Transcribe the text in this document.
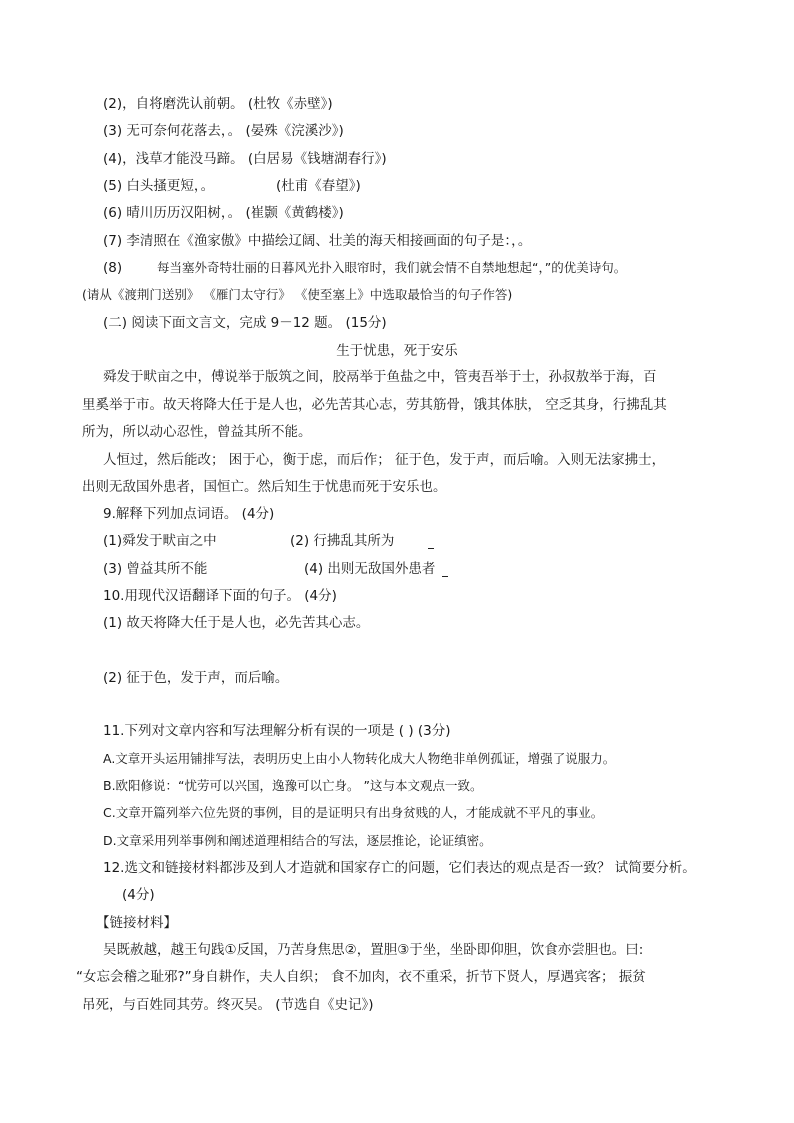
(2)，自将磨洗认前朝。 (杜牧《赤壁》)
(3) 无可奈何花落去，。 (晏殊《浣溪沙》)
(4)，浅草才能没马蹄。 (白居易《钱塘湖春行》)
(5) 白头搔更短，。	(杜甫《春望》)
(6) 晴川历历汉阳树，。 (崔颢《黄鹤楼》)
(7) 李清照在《渔家傲》中描绘辽阔、壮美的海天相接画面的句子是：，。
(8)	每当塞外奇特壮丽的日暮风光扑入眼帘时，我们就会情不自禁地想起“，”的优美诗句。
(请从《渡荆门送别》 《雁门太守行》 《使至塞上》中选取最恰当的句子作答)
(二) 阅读下面文言文，完成 9－12 题。 (15分)
生于忧患，死于安乐
舜发于畎亩之中，傅说举于版筑之间，胶鬲举于鱼盐之中，管夷吾举于士，孙叔敖举于海，百
里奚举于市。故天将降大任于是人也，必先苦其心志，劳其筋骨，饿其体肤， 空乏其身，行拂乱其
所为，所以动心忍性，曾益其所不能。
人恒过，然后能改； 困于心，衡于虑，而后作； 征于色，发于声，而后喻。入则无法家拂士，
出则无敌国外患者，国恒亡。然后知生于忧患而死于安乐也。
9.解释下列加点词语。 (4分)
(1)舜发于畎亩之中	(2) 行拂乱其所为
(3) 曾益其所不能	(4) 出则无敌国外患者
10.用现代汉语翻译下面的句子。 (4分)
(1) 故天将降大任于是人也，必先苦其心志。
(2) 征于色，发于声，而后喻。
11.下列对文章内容和写法理解分析有误的一项是 ( ) (3分)
A.文章开头运用铺排写法，表明历史上由小人物转化成大人物绝非单例孤证，增强了说服力。
B.欧阳修说：“忧劳可以兴国，逸豫可以亡身。 ”这与本文观点一致。
C.文章开篇列举六位先贤的事例，目的是证明只有出身贫贱的人，才能成就不平凡的事业。
D.文章采用列举事例和阐述道理相结合的写法，逐层推论，论证缜密。
12.选文和链接材料都涉及到人才造就和国家存亡的问题，它们表达的观点是否一致？ 试简要分析。
(4分)
【链接材料】
吴既赦越，越王句践①反国，乃苦身焦思②，置胆③于坐，坐卧即仰胆，饮食亦尝胆也。曰:
“女忘会稽之耻邪?”身自耕作，夫人自织； 食不加肉，衣不重采，折节下贤人，厚遇宾客； 振贫
吊死，与百姓同其劳。终灭吴。 (节选自《史记》)
